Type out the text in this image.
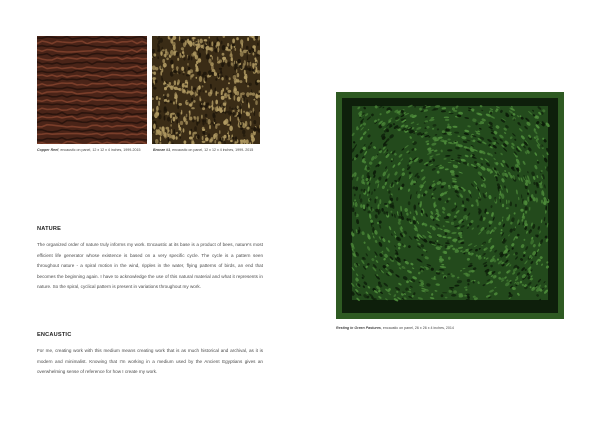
Copper Reef, encaustic on panel, 12 x 12 x 4 inches, 1999-2015	Bronze #1, encaustic on panel, 12 x 12 x 4 inches, 1999- 2015
NATURE

The organized order of nature truly informs my work. Encaustic at its base is a product of bees, nature's most efficient life generator whose existence is based on a very specific cycle. The cycle is a pattern seen throughout nature - a spiral motion in the wind, ripples in the water, flying patterns of birds, an end that becomes the beginning again. I have to acknowledge the use of this natural material and what it represents in nature. So the spiral, cyclical pattern is present in variations throughout my work.

ENCAUSTIC

For me, creating work with this medium means creating work that is as much historical and archival, as it is modern and minimalist. Knowing that I'm working in a medium used by the Ancient Egyptians gives an overwhelming sense of reference for how I create my work.

Resting in Green Pastures, encaustic on panel, 26 x 26 x 4 inches, 2014
